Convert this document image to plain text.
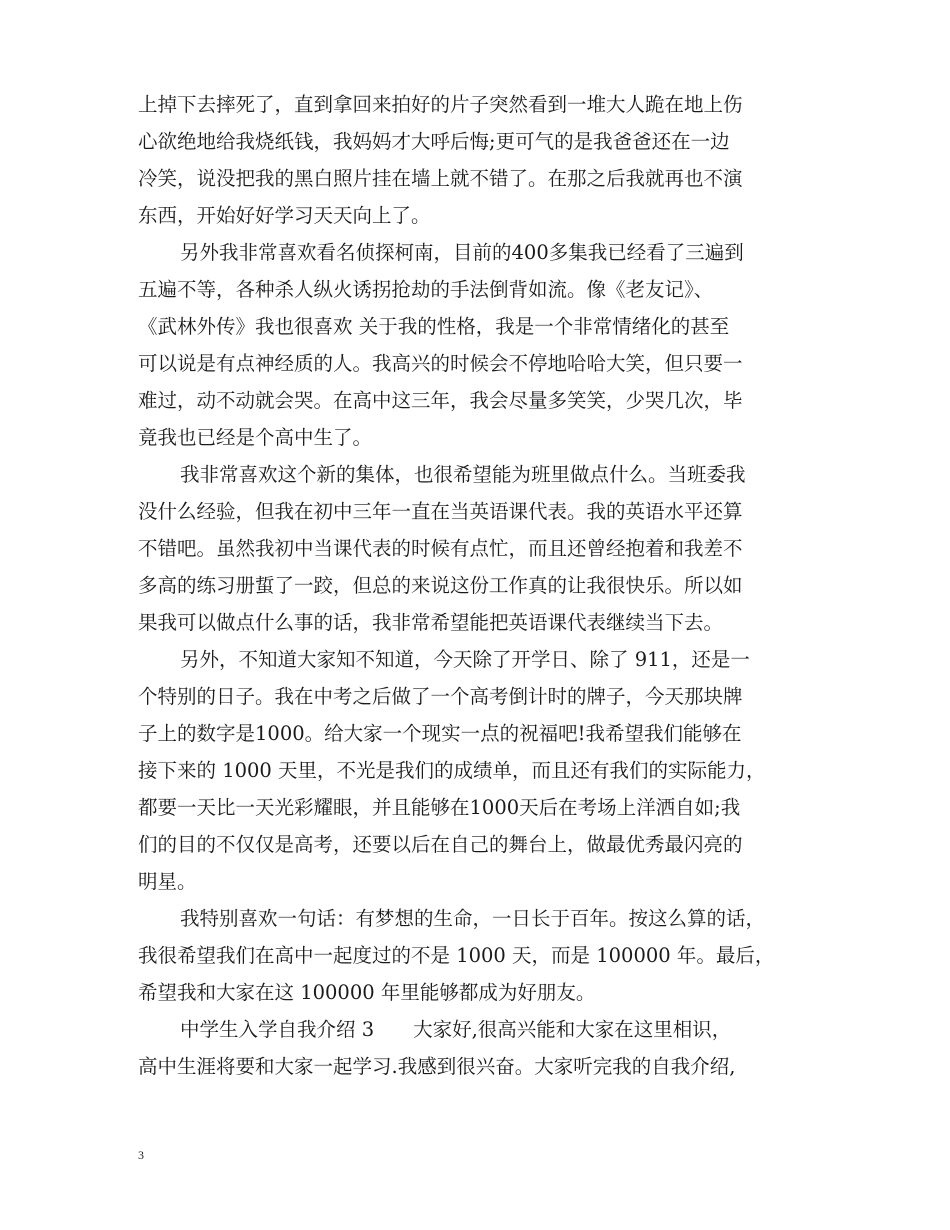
上掉下去摔死了，直到拿回来拍好的片子突然看到一堆大人跪在地上伤
心欲绝地给我烧纸钱，我妈妈才大呼后悔;更可气的是我爸爸还在一边
冷笑，说没把我的黑白照片挂在墙上就不错了。在那之后我就再也不演
东西，开始好好学习天天向上了。
另外我非常喜欢看名侦探柯南，目前的400多集我已经看了三遍到
五遍不等，各种杀人纵火诱拐抢劫的手法倒背如流。像《老友记》、
《武林外传》我也很喜欢 关于我的性格，我是一个非常情绪化的甚至
可以说是有点神经质的人。我高兴的时候会不停地哈哈大笑，但只要一
难过，动不动就会哭。在高中这三年，我会尽量多笑笑，少哭几次，毕
竟我也已经是个高中生了。
我非常喜欢这个新的集体，也很希望能为班里做点什么。当班委我
没什么经验，但我在初中三年一直在当英语课代表。我的英语水平还算
不错吧。虽然我初中当课代表的时候有点忙，而且还曾经抱着和我差不
多高的练习册蜇了一跤，但总的来说这份工作真的让我很快乐。所以如
果我可以做点什么事的话，我非常希望能把英语课代表继续当下去。
另外，不知道大家知不知道，今天除了开学日、除了 911，还是一
个特别的日子。我在中考之后做了一个高考倒计时的牌子，今天那块牌
子上的数字是1000。给大家一个现实一点的祝福吧!我希望我们能够在
接下来的 1000 天里，不光是我们的成绩单，而且还有我们的实际能力，
都要一天比一天光彩耀眼，并且能够在1000天后在考场上洋洒自如;我
们的目的不仅仅是高考，还要以后在自己的舞台上，做最优秀最闪亮的
明星。
我特别喜欢一句话：有梦想的生命，一日长于百年。按这么算的话，
我很希望我们在高中一起度过的不是 1000 天，而是 100000 年。最后，
希望我和大家在这 100000 年里能够都成为好朋友。
中学生入学自我介绍 3　　大家好,很高兴能和大家在这里相识，
高中生涯将要和大家一起学习.我感到很兴奋。大家听完我的自我介绍,
3
